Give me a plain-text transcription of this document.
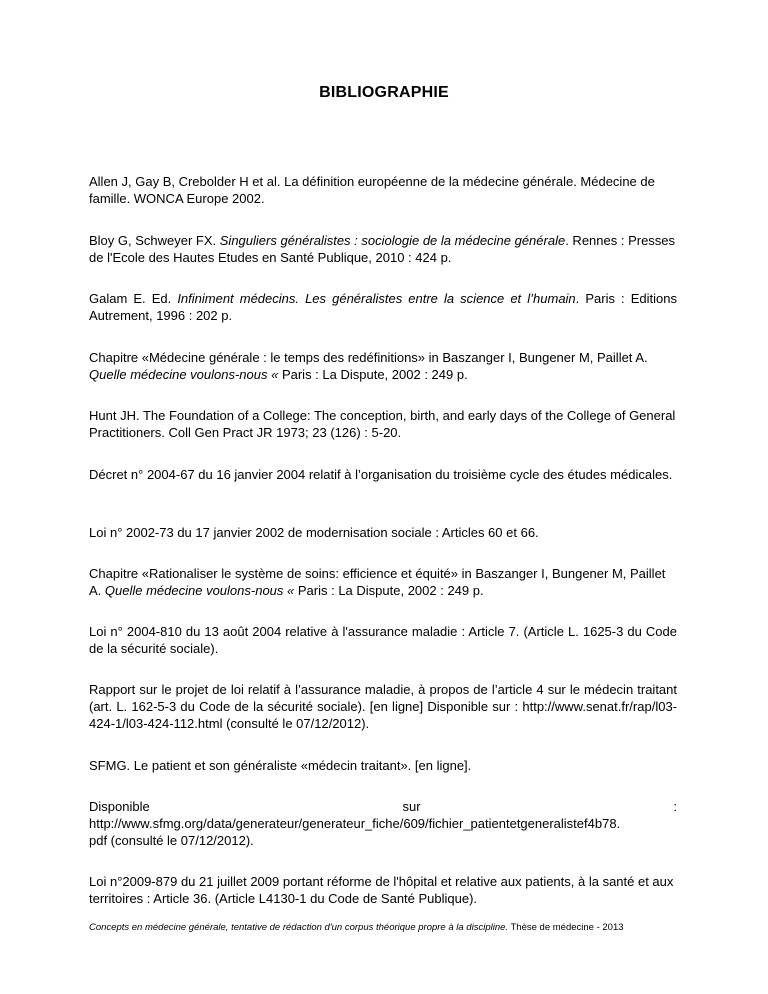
BIBLIOGRAPHIE
Allen J, Gay B, Crebolder H et al. La définition européenne de la médecine générale. Médecine de famille. WONCA Europe 2002.
Bloy G, Schweyer FX. Singuliers généralistes : sociologie de la médecine générale. Rennes : Presses de l'Ecole des Hautes Etudes en Santé Publique, 2010 : 424 p.
Galam E. Ed. Infiniment médecins. Les généralistes entre la science et l’humain. Paris : Editions Autrement, 1996 : 202 p.
Chapitre «Médecine générale : le temps des redéfinitions» in Baszanger I, Bungener M, Paillet A. Quelle médecine voulons-nous « Paris : La Dispute, 2002 : 249 p.
Hunt JH. The Foundation of a College: The conception, birth, and early days of the College of General Practitioners. Coll Gen Pract JR 1973; 23 (126) : 5-20.
Décret n° 2004-67 du 16 janvier 2004 relatif à l’organisation du troisième cycle des études médicales.
Loi n° 2002-73 du 17 janvier 2002 de modernisation sociale : Articles 60 et 66.
Chapitre «Rationaliser le système de soins: efficience et équité» in Baszanger I, Bungener M, Paillet A. Quelle médecine voulons-nous « Paris : La Dispute, 2002 : 249 p.
Loi n° 2004-810 du 13 août 2004 relative à l'assurance maladie : Article 7. (Article L. 1625-3 du Code de la sécurité sociale).
Rapport sur le projet de loi relatif à l’assurance maladie, à propos de l’article 4 sur le médecin traitant (art. L. 162-5-3 du Code de la sécurité sociale). [en ligne] Disponible sur : http://www.senat.fr/rap/l03-424-1/l03-424-112.html (consulté le 07/12/2012).
SFMG. Le patient et son généraliste «médecin traitant». [en ligne].
Disponible	sur	:
http://www.sfmg.org/data/generateur/generateur_fiche/609/fichier_patientetgeneralistef4b78.
pdf (consulté le 07/12/2012).
Loi n°2009-879 du 21 juillet 2009 portant réforme de l'hôpital et relative aux patients, à la santé et aux territoires : Article 36. (Article L4130-1 du Code de Santé Publique).
Concepts en médecine générale, tentative de rédaction d'un corpus théorique propre à la discipline. Thèse de médecine - 2013
